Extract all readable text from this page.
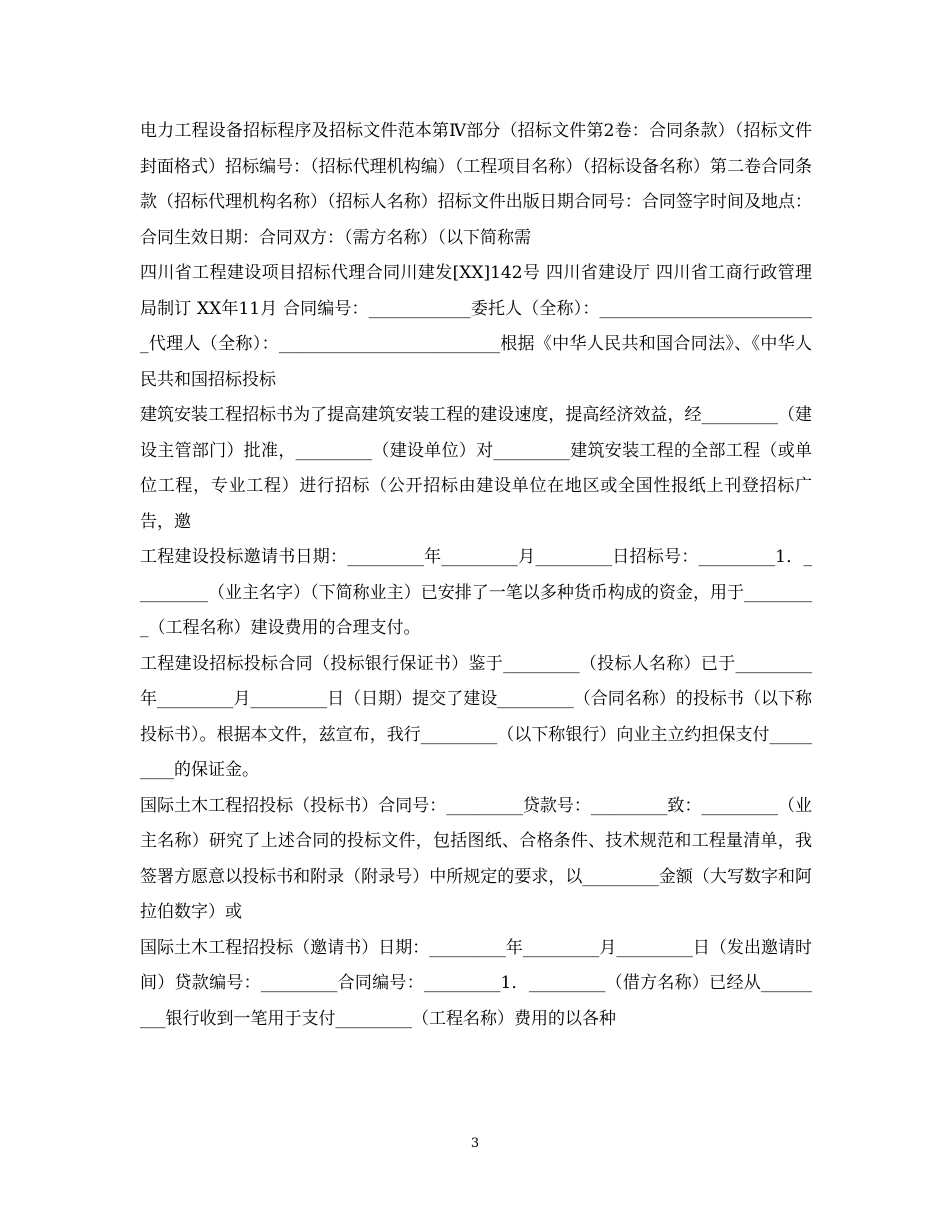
电力工程设备招标程序及招标文件范本第Ⅳ部分（招标文件第2卷：合同条款）（招标文件封面格式）招标编号：（招标代理机构编）（工程项目名称）（招标设备名称）第二卷合同条款（招标代理机构名称）（招标人名称）招标文件出版日期合同号：合同签字时间及地点：合同生效日期：合同双方：（需方名称）（以下简称需

四川省工程建设项目招标代理合同川建发[XX]142号 四川省建设厅 四川省工商行政管理局制订 XX年11月 合同编号：____________委托人（全称）：__________________________代理人（全称）：__________________________根据《中华人民共和国合同法》、《中华人民共和国招标投标

建筑安装工程招标书为了提高建筑安装工程的建设速度，提高经济效益，经_________（建设主管部门）批准，_________（建设单位）对_________建筑安装工程的全部工程（或单位工程，专业工程）进行招标（公开招标由建设单位在地区或全国性报纸上刊登招标广告，邀

工程建设投标邀请书日期：_________年_________月_________日招标号：_________1．_________（业主名字）（下简称业主）已安排了一笔以多种货币构成的资金，用于_________（工程名称）建设费用的合理支付。

工程建设招标投标合同（投标银行保证书）鉴于_________（投标人名称）已于_________年_________月_________日（日期）提交了建设_________（合同名称）的投标书（以下称投标书）。根据本文件，兹宣布，我行_________（以下称银行）向业主立约担保支付_________的保证金。

国际土木工程招投标（投标书）合同号：_________贷款号：_________致：_________（业主名称）研究了上述合同的投标文件，包括图纸、合格条件、技术规范和工程量清单，我签署方愿意以投标书和附录（附录号）中所规定的要求，以_________金额（大写数字和阿拉伯数字）或

国际土木工程招投标（邀请书）日期：_________年_________月_________日（发出邀请时间）贷款编号：_________合同编号：_________1．_________（借方名称）已经从_________银行收到一笔用于支付_________（工程名称）费用的以各种

3
